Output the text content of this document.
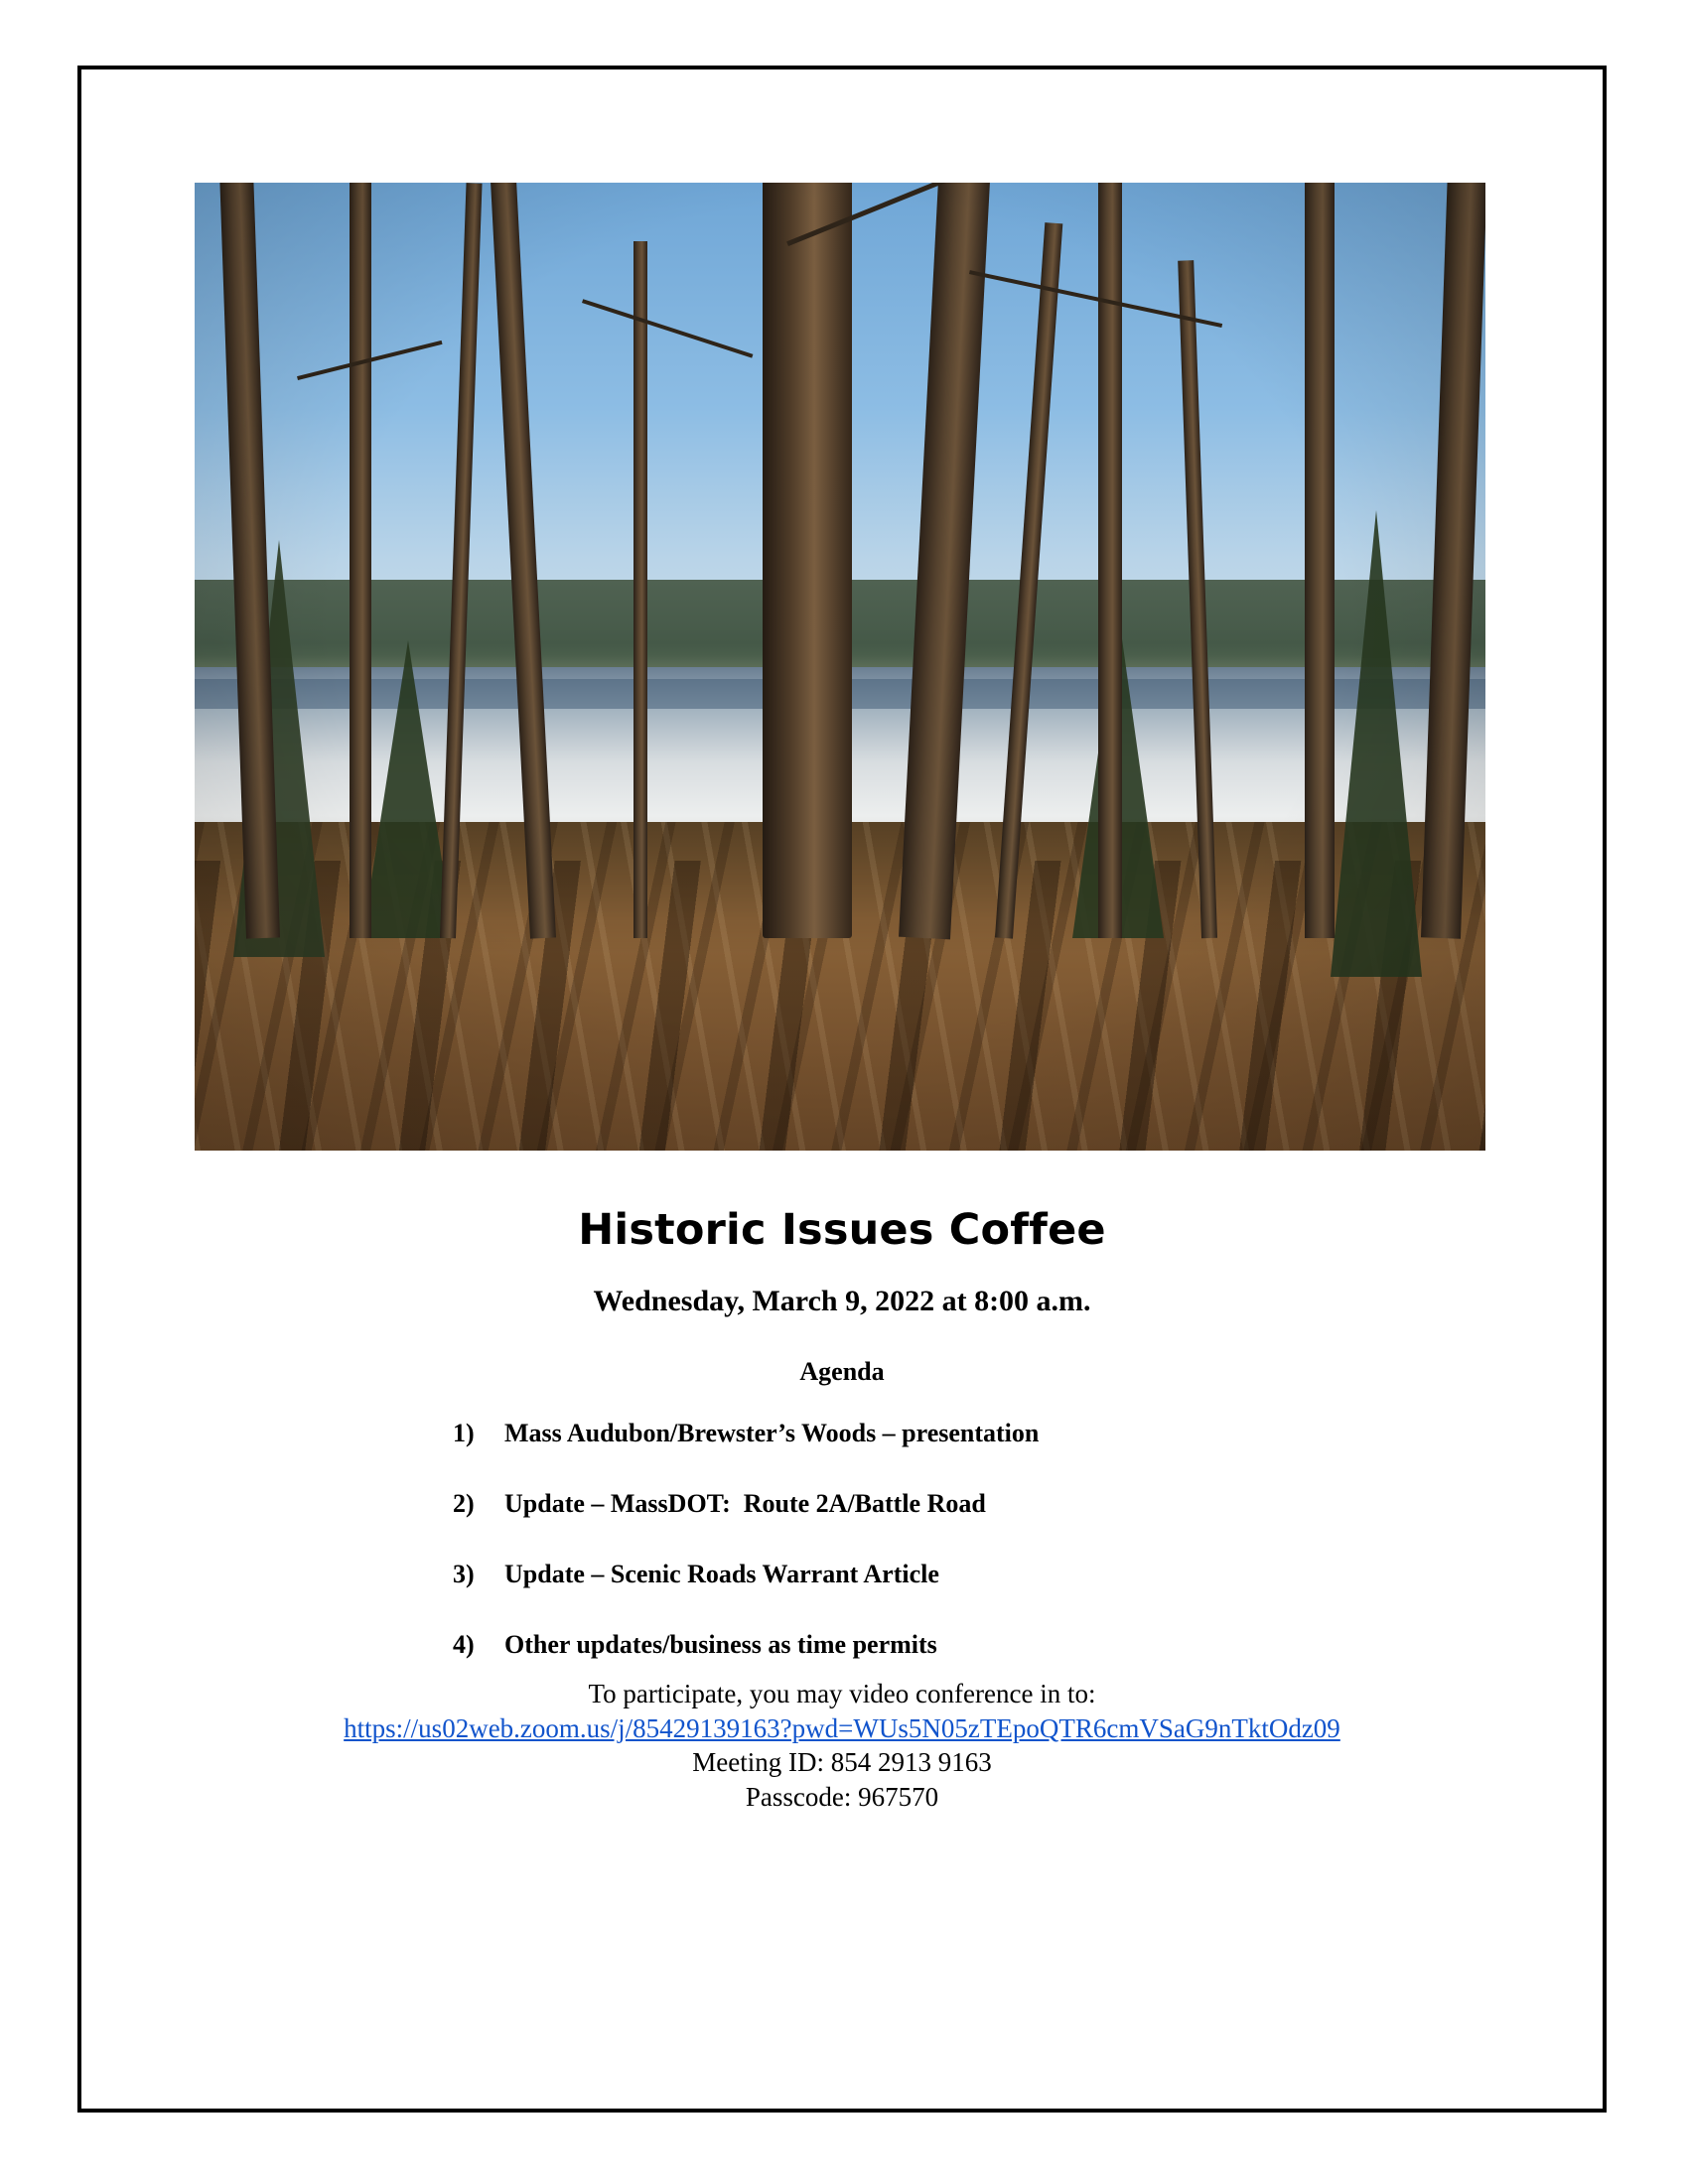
Historic Issues Coffee
Wednesday, March 9, 2022 at 8:00 a.m.
Agenda
1)	Mass Audubon/Brewster’s Woods – presentation
2)	Update – MassDOT:  Route 2A/Battle Road
3)	Update – Scenic Roads Warrant Article
4)	Other updates/business as time permits
To participate, you may video conference in to:
https://us02web.zoom.us/j/85429139163?pwd=WUs5N05zTEpoQTR6cmVSaG9nTktOdz09
Meeting ID: 854 2913 9163
Passcode: 967570
